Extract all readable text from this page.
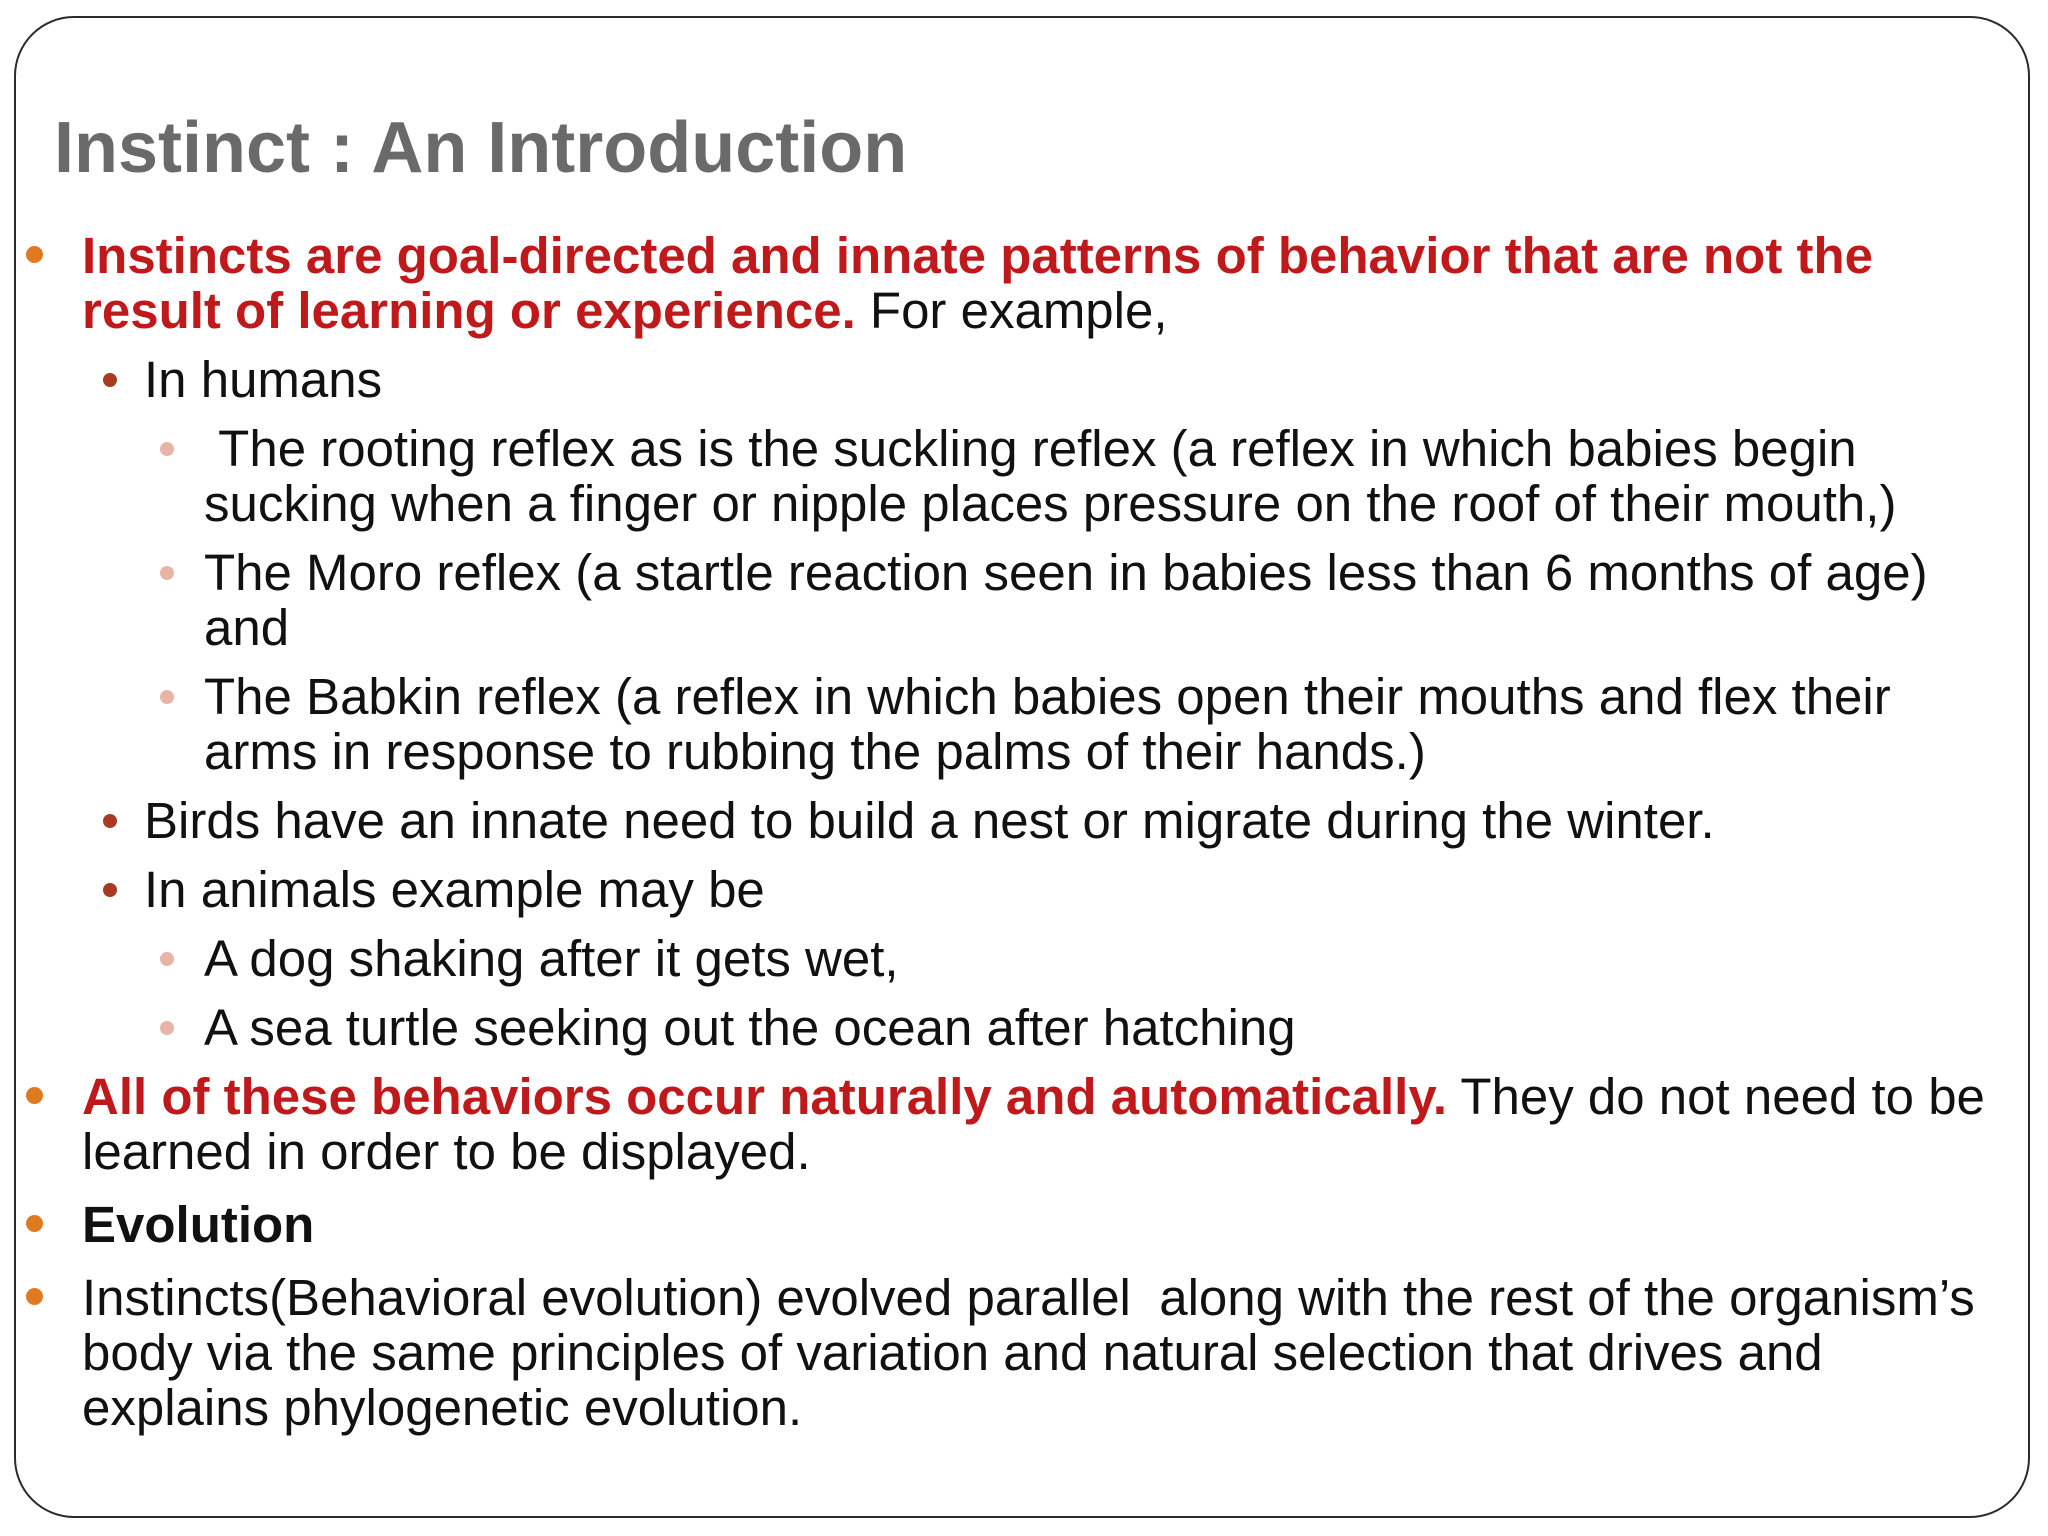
Instinct : An Introduction
Instincts are goal-directed and innate patterns of behavior that are not the result of learning or experience. For example,
In humans
The rooting reflex as is the suckling reflex (a reflex in which babies begin sucking when a finger or nipple places pressure on the roof of their mouth,)
The Moro reflex (a startle reaction seen in babies less than 6 months of age) and
The Babkin reflex (a reflex in which babies open their mouths and flex their arms in response to rubbing the palms of their hands.)
Birds have an innate need to build a nest or migrate during the winter.
In animals example may be
A dog shaking after it gets wet,
A sea turtle seeking out the ocean after hatching
All of these behaviors occur naturally and automatically. They do not need to be learned in order to be displayed.
Evolution
Instincts(Behavioral evolution) evolved parallel  along with the rest of the organism’s body via the same principles of variation and natural selection that drives and explains phylogenetic evolution.
